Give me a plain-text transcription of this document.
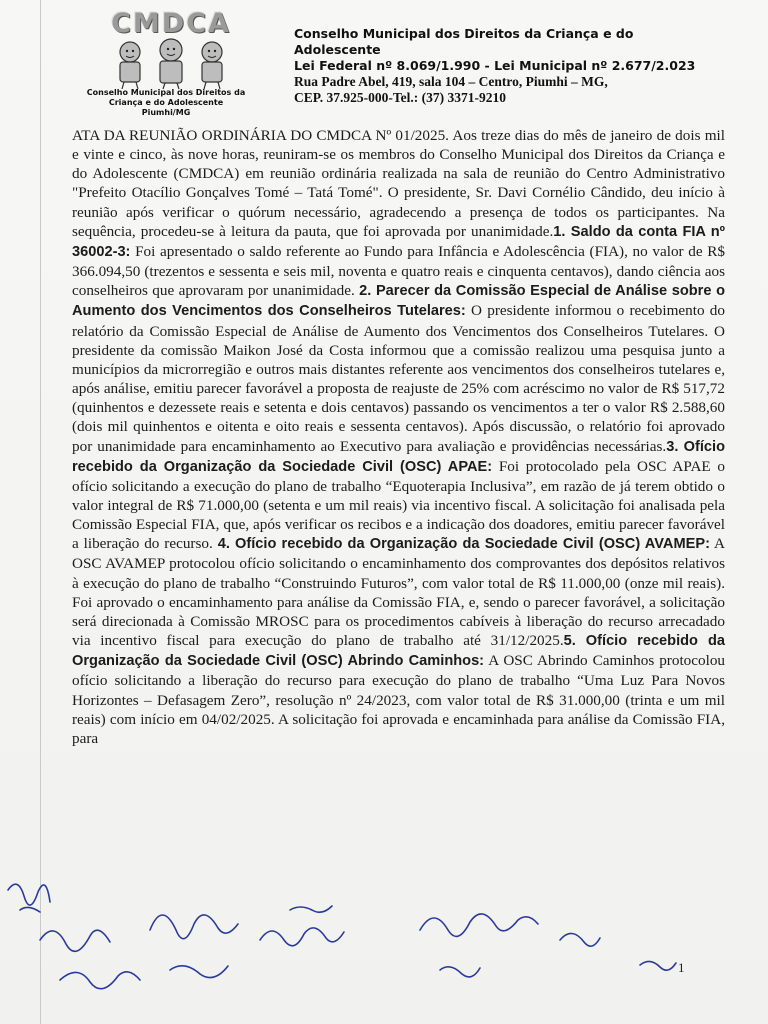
CMDCA
Conselho Municipal dos Direitos da
Criança e do Adolescente
Piumhi/MG
Conselho Municipal dos Direitos da Criança e do Adolescente
Lei Federal nº 8.069/1.990 - Lei Municipal nº 2.677/2.023
Rua Padre Abel, 419, sala 104 – Centro, Piumhi – MG,
CEP. 37.925-000-Tel.: (37) 3371-9210

ATA DA REUNIÃO ORDINÁRIA DO CMDCA Nº 01/2025. Aos treze dias do mês de janeiro de dois mil e vinte e cinco, às nove horas, reuniram-se os membros do Conselho Municipal dos Direitos da Criança e do Adolescente (CMDCA) em reunião ordinária realizada na sala de reunião do Centro Administrativo "Prefeito Otacílio Gonçalves Tomé – Tatá Tomé". O presidente, Sr. Davi Cornélio Cândido, deu início à reunião após verificar o quórum necessário, agradecendo a presença de todos os participantes. Na sequência, procedeu-se à leitura da pauta, que foi aprovada por unanimidade.1. Saldo da conta FIA nº 36002-3: Foi apresentado o saldo referente ao Fundo para Infância e Adolescência (FIA), no valor de R$ 366.094,50 (trezentos e sessenta e seis mil, noventa e quatro reais e cinquenta centavos), dando ciência aos conselheiros que aprovaram por unanimidade. 2. Parecer da Comissão Especial de Análise sobre o Aumento dos Vencimentos dos Conselheiros Tutelares: O presidente informou o recebimento do relatório da Comissão Especial de Análise de Aumento dos Vencimentos dos Conselheiros Tutelares. O presidente da comissão Maikon José da Costa informou que a comissão realizou uma pesquisa junto a municípios da microrregião e outros mais distantes referente aos vencimentos dos conselheiros tutelares e, após análise, emitiu parecer favorável a proposta de reajuste de 25% com acréscimo no valor de R$ 517,72 (quinhentos e dezessete reais e setenta e dois centavos) passando os vencimentos a ter o valor R$ 2.588,60 (dois mil quinhentos e oitenta e oito reais e sessenta centavos). Após discussão, o relatório foi aprovado por unanimidade para encaminhamento ao Executivo para avaliação e providências necessárias.3. Ofício recebido da Organização da Sociedade Civil (OSC) APAE: Foi protocolado pela OSC APAE o ofício solicitando a execução do plano de trabalho “Equoterapia Inclusiva”, em razão de já terem obtido o valor integral de R$ 71.000,00 (setenta e um mil reais) via incentivo fiscal. A solicitação foi analisada pela Comissão Especial FIA, que, após verificar os recibos e a indicação dos doadores, emitiu parecer favorável a liberação do recurso. 4. Ofício recebido da Organização da Sociedade Civil (OSC) AVAMEP: A OSC AVAMEP protocolou ofício solicitando o encaminhamento dos comprovantes dos depósitos relativos à execução do plano de trabalho “Construindo Futuros”, com valor total de R$ 11.000,00 (onze mil reais). Foi aprovado o encaminhamento para análise da Comissão FIA, e, sendo o parecer favorável, a solicitação será direcionada à Comissão MROSC para os procedimentos cabíveis à liberação do recurso arrecadado via incentivo fiscal para execução do plano de trabalho até 31/12/2025.5. Ofício recebido da Organização da Sociedade Civil (OSC) Abrindo Caminhos: A OSC Abrindo Caminhos protocolou ofício solicitando a liberação do recurso para execução do plano de trabalho “Uma Luz Para Novos Horizontes – Defasagem Zero”, resolução nº 24/2023, com valor total de R$ 31.000,00 (trinta e um mil reais) com início em 04/02/2025. A solicitação foi aprovada e encaminhada para análise da Comissão FIA, para

1
